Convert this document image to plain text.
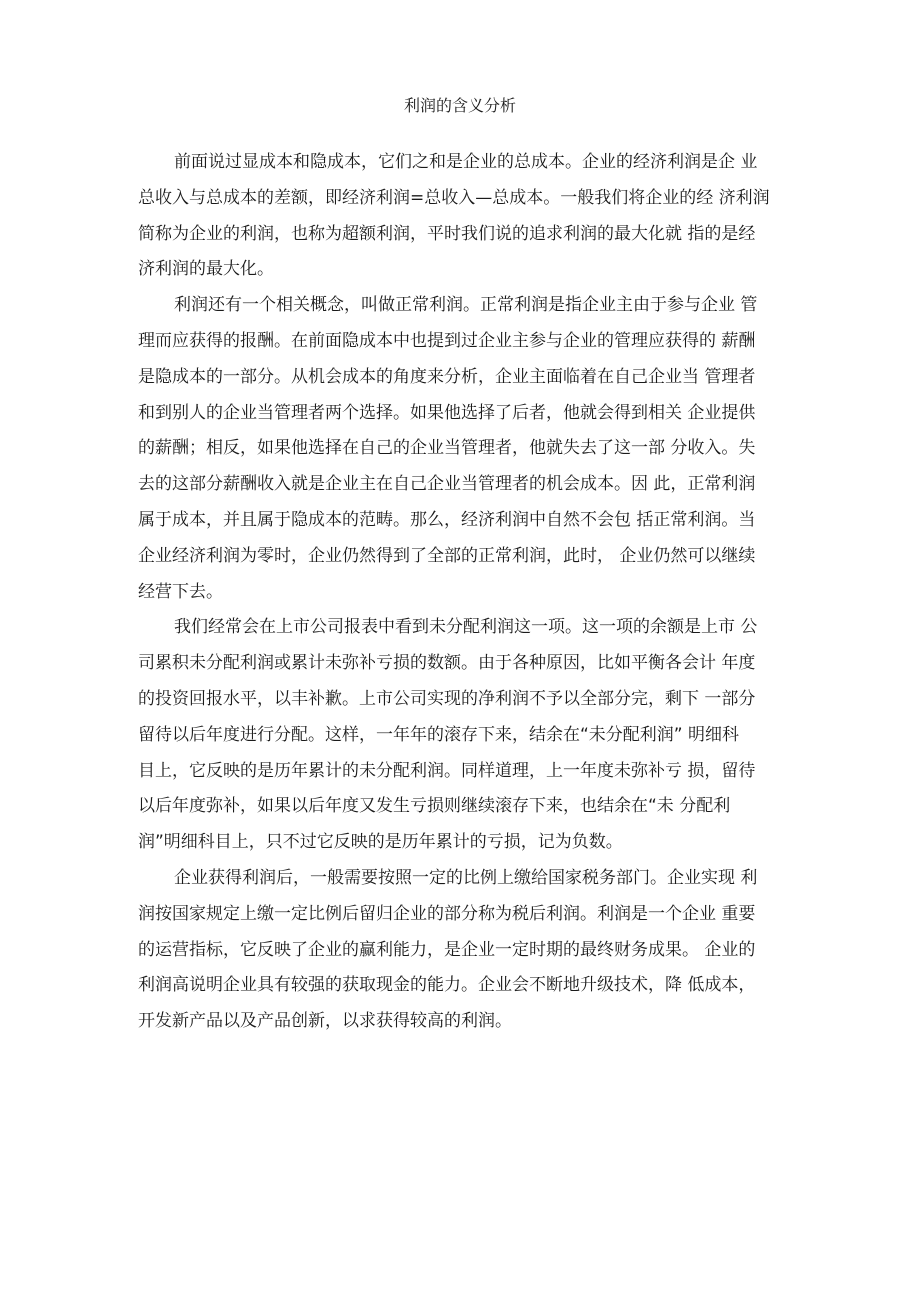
利润的含义分析

前面说过显成本和隐成本，它们之和是企业的总成本。企业的经济利润是企 业
总收入与总成本的差额，即经济利润=总收入—总成本。一般我们将企业的经 济利润
简称为企业的利润，也称为超额利润，平时我们说的追求利润的最大化就 指的是经
济利润的最大化。

利润还有一个相关概念，叫做正常利润。正常利润是指企业主由于参与企业 管
理而应获得的报酬。在前面隐成本中也提到过企业主参与企业的管理应获得的 薪酬
是隐成本的一部分。从机会成本的角度来分析，企业主面临着在自己企业当 管理者
和到别人的企业当管理者两个选择。如果他选择了后者，他就会得到相关 企业提供
的薪酬；相反，如果他选择在自己的企业当管理者，他就失去了这一部 分收入。失
去的这部分薪酬收入就是企业主在自己企业当管理者的机会成本。因 此，正常利润
属于成本，并且属于隐成本的范畴。那么，经济利润中自然不会包 括正常利润。当
企业经济利润为零时，企业仍然得到了全部的正常利润，此时， 企业仍然可以继续
经营下去。

我们经常会在上市公司报表中看到未分配利润这一项。这一项的余额是上市 公
司累积未分配利润或累计未弥补亏损的数额。由于各种原因，比如平衡各会计 年度
的投资回报水平，以丰补歉。上市公司实现的净利润不予以全部分完，剩下 一部分
留待以后年度进行分配。这样，一年年的滚存下来，结余在“未分配利润” 明细科
目上，它反映的是历年累计的未分配利润。同样道理，上一年度未弥补亏 损，留待
以后年度弥补，如果以后年度又发生亏损则继续滚存下来，也结余在“未 分配利
润”明细科目上，只不过它反映的是历年累计的亏损，记为负数。

企业获得利润后，一般需要按照一定的比例上缴给国家税务部门。企业实现 利
润按国家规定上缴一定比例后留归企业的部分称为税后利润。利润是一个企业 重要
的运营指标，它反映了企业的赢利能力，是企业一定时期的最终财务成果。 企业的
利润高说明企业具有较强的获取现金的能力。企业会不断地升级技术，降 低成本，
开发新产品以及产品创新，以求获得较高的利润。
